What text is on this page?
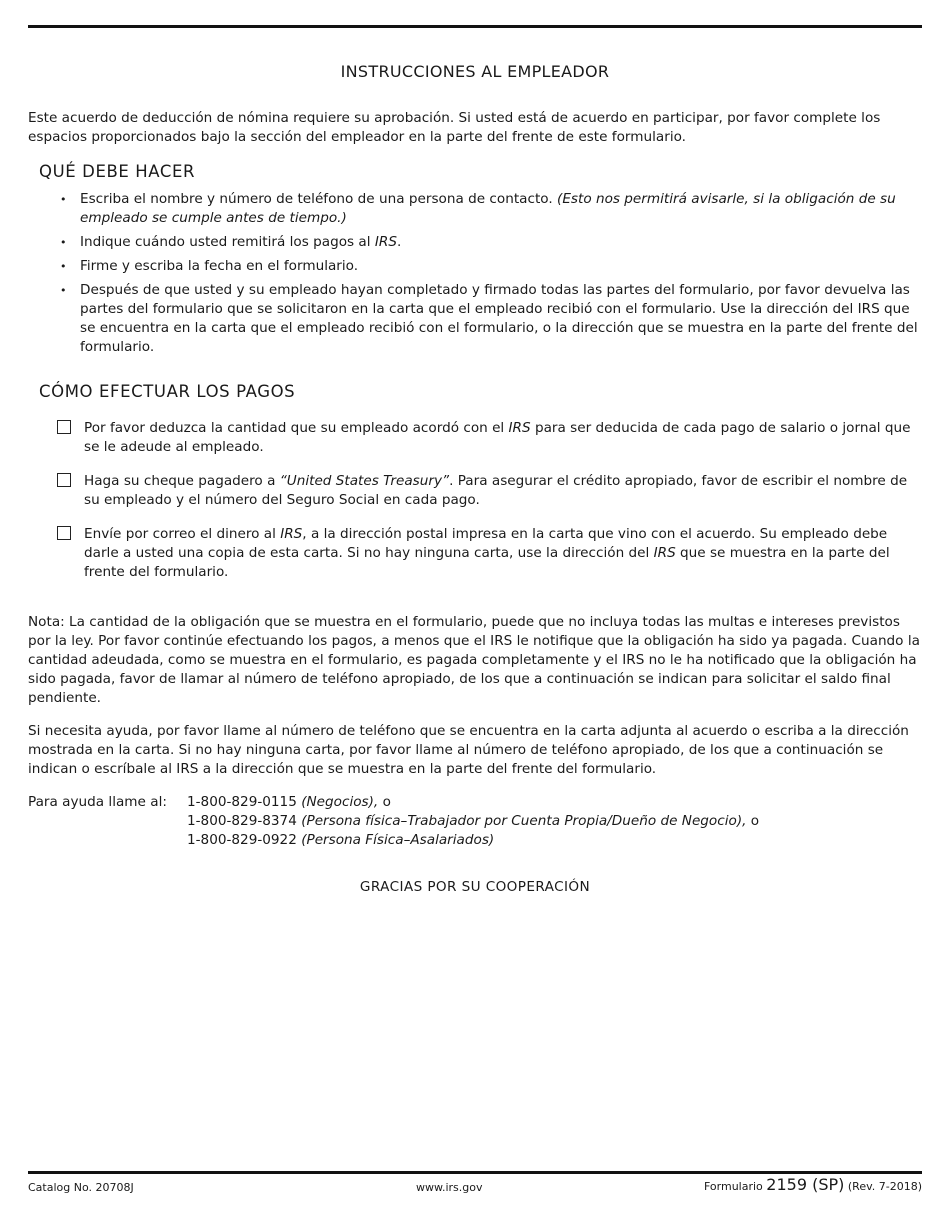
INSTRUCCIONES AL EMPLEADOR

Este acuerdo de deducción de nómina requiere su aprobación. Si usted está de acuerdo en participar, por favor complete los espacios proporcionados bajo la sección del empleador en la parte del frente de este formulario.

QUÉ DEBE HACER
• Escriba el nombre y número de teléfono de una persona de contacto. (Esto nos permitirá avisarle, si la obligación de su empleado se cumple antes de tiempo.)
• Indique cuándo usted remitirá los pagos al IRS.
• Firme y escriba la fecha en el formulario.
• Después de que usted y su empleado hayan completado y firmado todas las partes del formulario, por favor devuelva las partes del formulario que se solicitaron en la carta que el empleado recibió con el formulario. Use la dirección del IRS que se encuentra en la carta que el empleado recibió con el formulario, o la dirección que se muestra en la parte del frente del formulario.
CÓMO EFECTUAR LOS PAGOS
Por favor deduzca la cantidad que su empleado acordó con el IRS para ser deducida de cada pago de salario o jornal que se le adeude al empleado.
Haga su cheque pagadero a “United States Treasury”. Para asegurar el crédito apropiado, favor de escribir el nombre de su empleado y el número del Seguro Social en cada pago.
Envíe por correo el dinero al IRS, a la dirección postal impresa en la carta que vino con el acuerdo. Su empleado debe darle a usted una copia de esta carta. Si no hay ninguna carta, use la dirección del IRS que se muestra en la parte del frente del formulario.

Nota: La cantidad de la obligación que se muestra en el formulario, puede que no incluya todas las multas e intereses previstos por la ley. Por favor continúe efectuando los pagos, a menos que el IRS le notifique que la obligación ha sido ya pagada. Cuando la cantidad adeudada, como se muestra en el formulario, es pagada completamente y el IRS no le ha notificado que la obligación ha sido pagada, favor de llamar al número de teléfono apropiado, de los que a continuación se indican para solicitar el saldo final pendiente.

Si necesita ayuda, por favor llame al número de teléfono que se encuentra en la carta adjunta al acuerdo o escriba a la dirección mostrada en la carta. Si no hay ninguna carta, por favor llame al número de teléfono apropiado, de los que a continuación se indican o escríbale al IRS a la dirección que se muestra en la parte del frente del formulario.

Para ayuda llame al: 1-800-829-0115 (Negocios), o
1-800-829-8374 (Persona física–Trabajador por Cuenta Propia/Dueño de Negocio), o
1-800-829-0922 (Persona Física–Asalariados)
GRACIAS POR SU COOPERACIÓN
Catalog No. 20708J	www.irs.gov	Formulario 2159 (SP) (Rev. 7-2018)
